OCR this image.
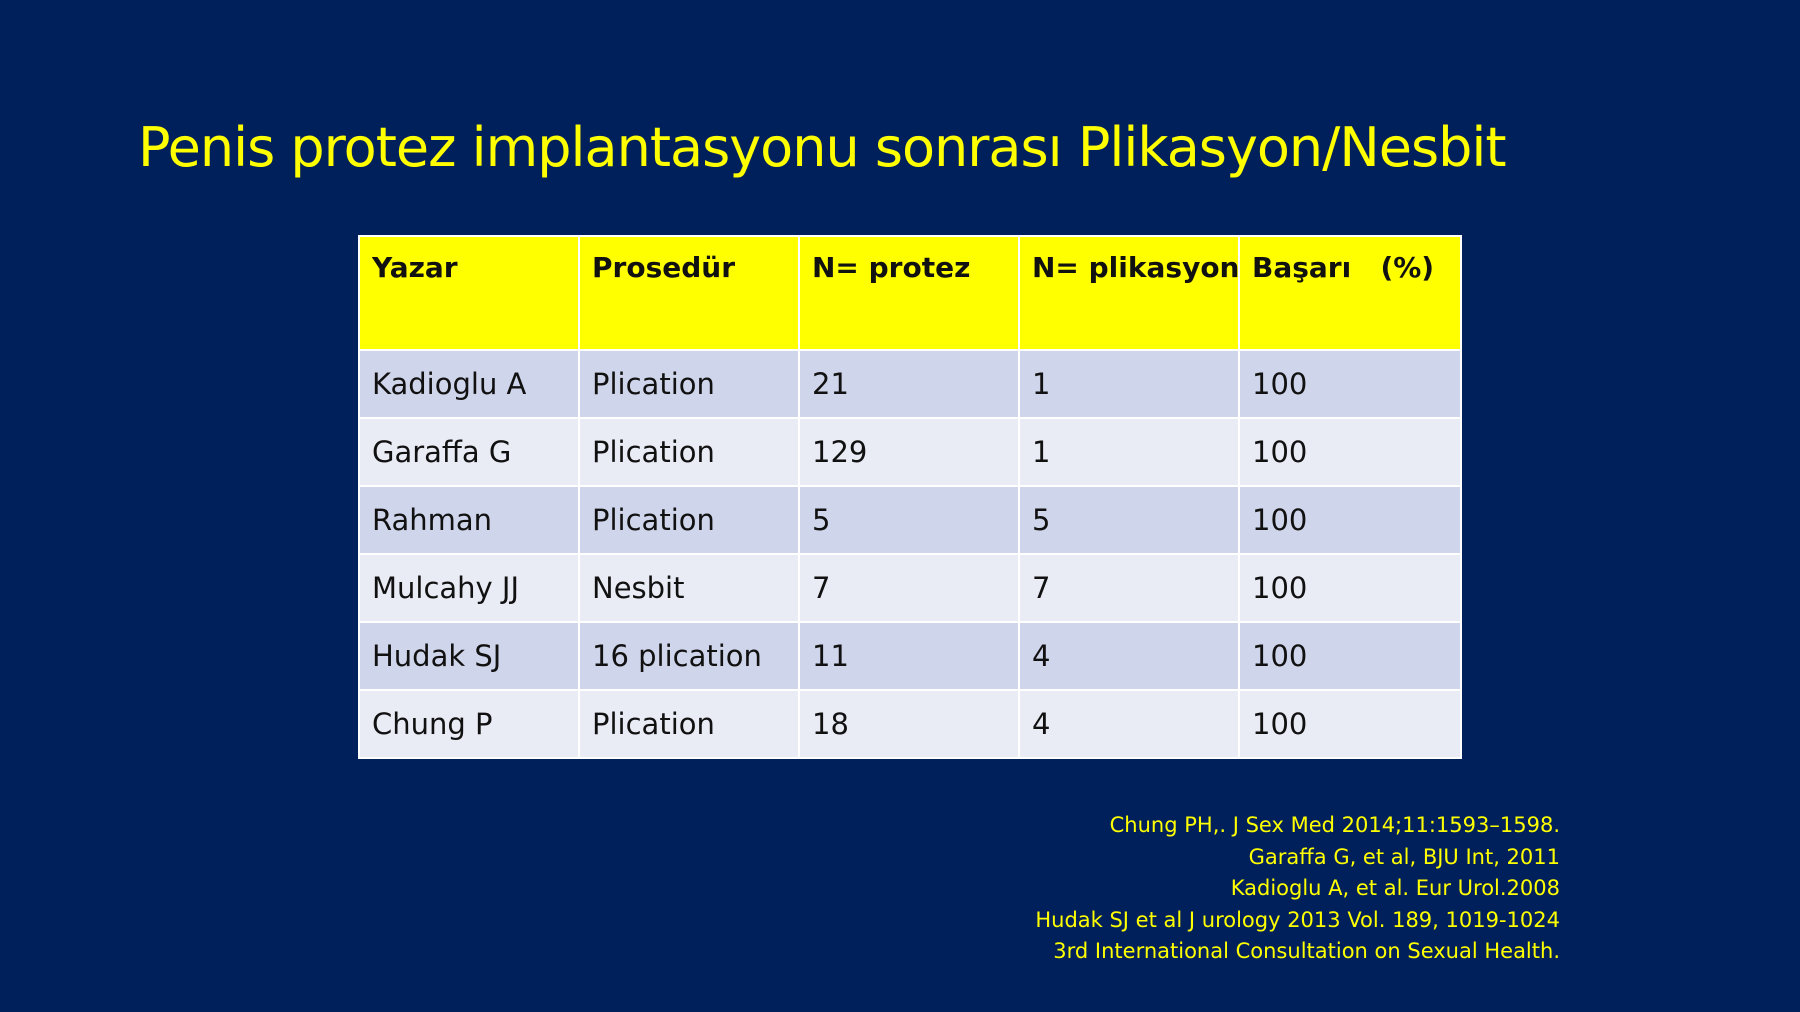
Penis protez implantasyonu sonrası Plikasyon/Nesbit
Yazar	Prosedür	N= protez	N= plikasyon	Başarı   (%)
Kadioglu A	Plication	21	1	100
Garaffa G	Plication	129	1	100
Rahman	Plication	5	5	100
Mulcahy JJ	Nesbit	7	7	100
Hudak SJ	16 plication	11	4	100
Chung P	Plication	18	4	100
Chung PH,. J Sex Med 2014;11:1593–1598.
Garaffa G, et al, BJU Int, 2011
Kadioglu A, et al. Eur Urol.2008
Hudak SJ et al J urology 2013 Vol. 189, 1019-1024
3rd International Consultation on Sexual Health.
